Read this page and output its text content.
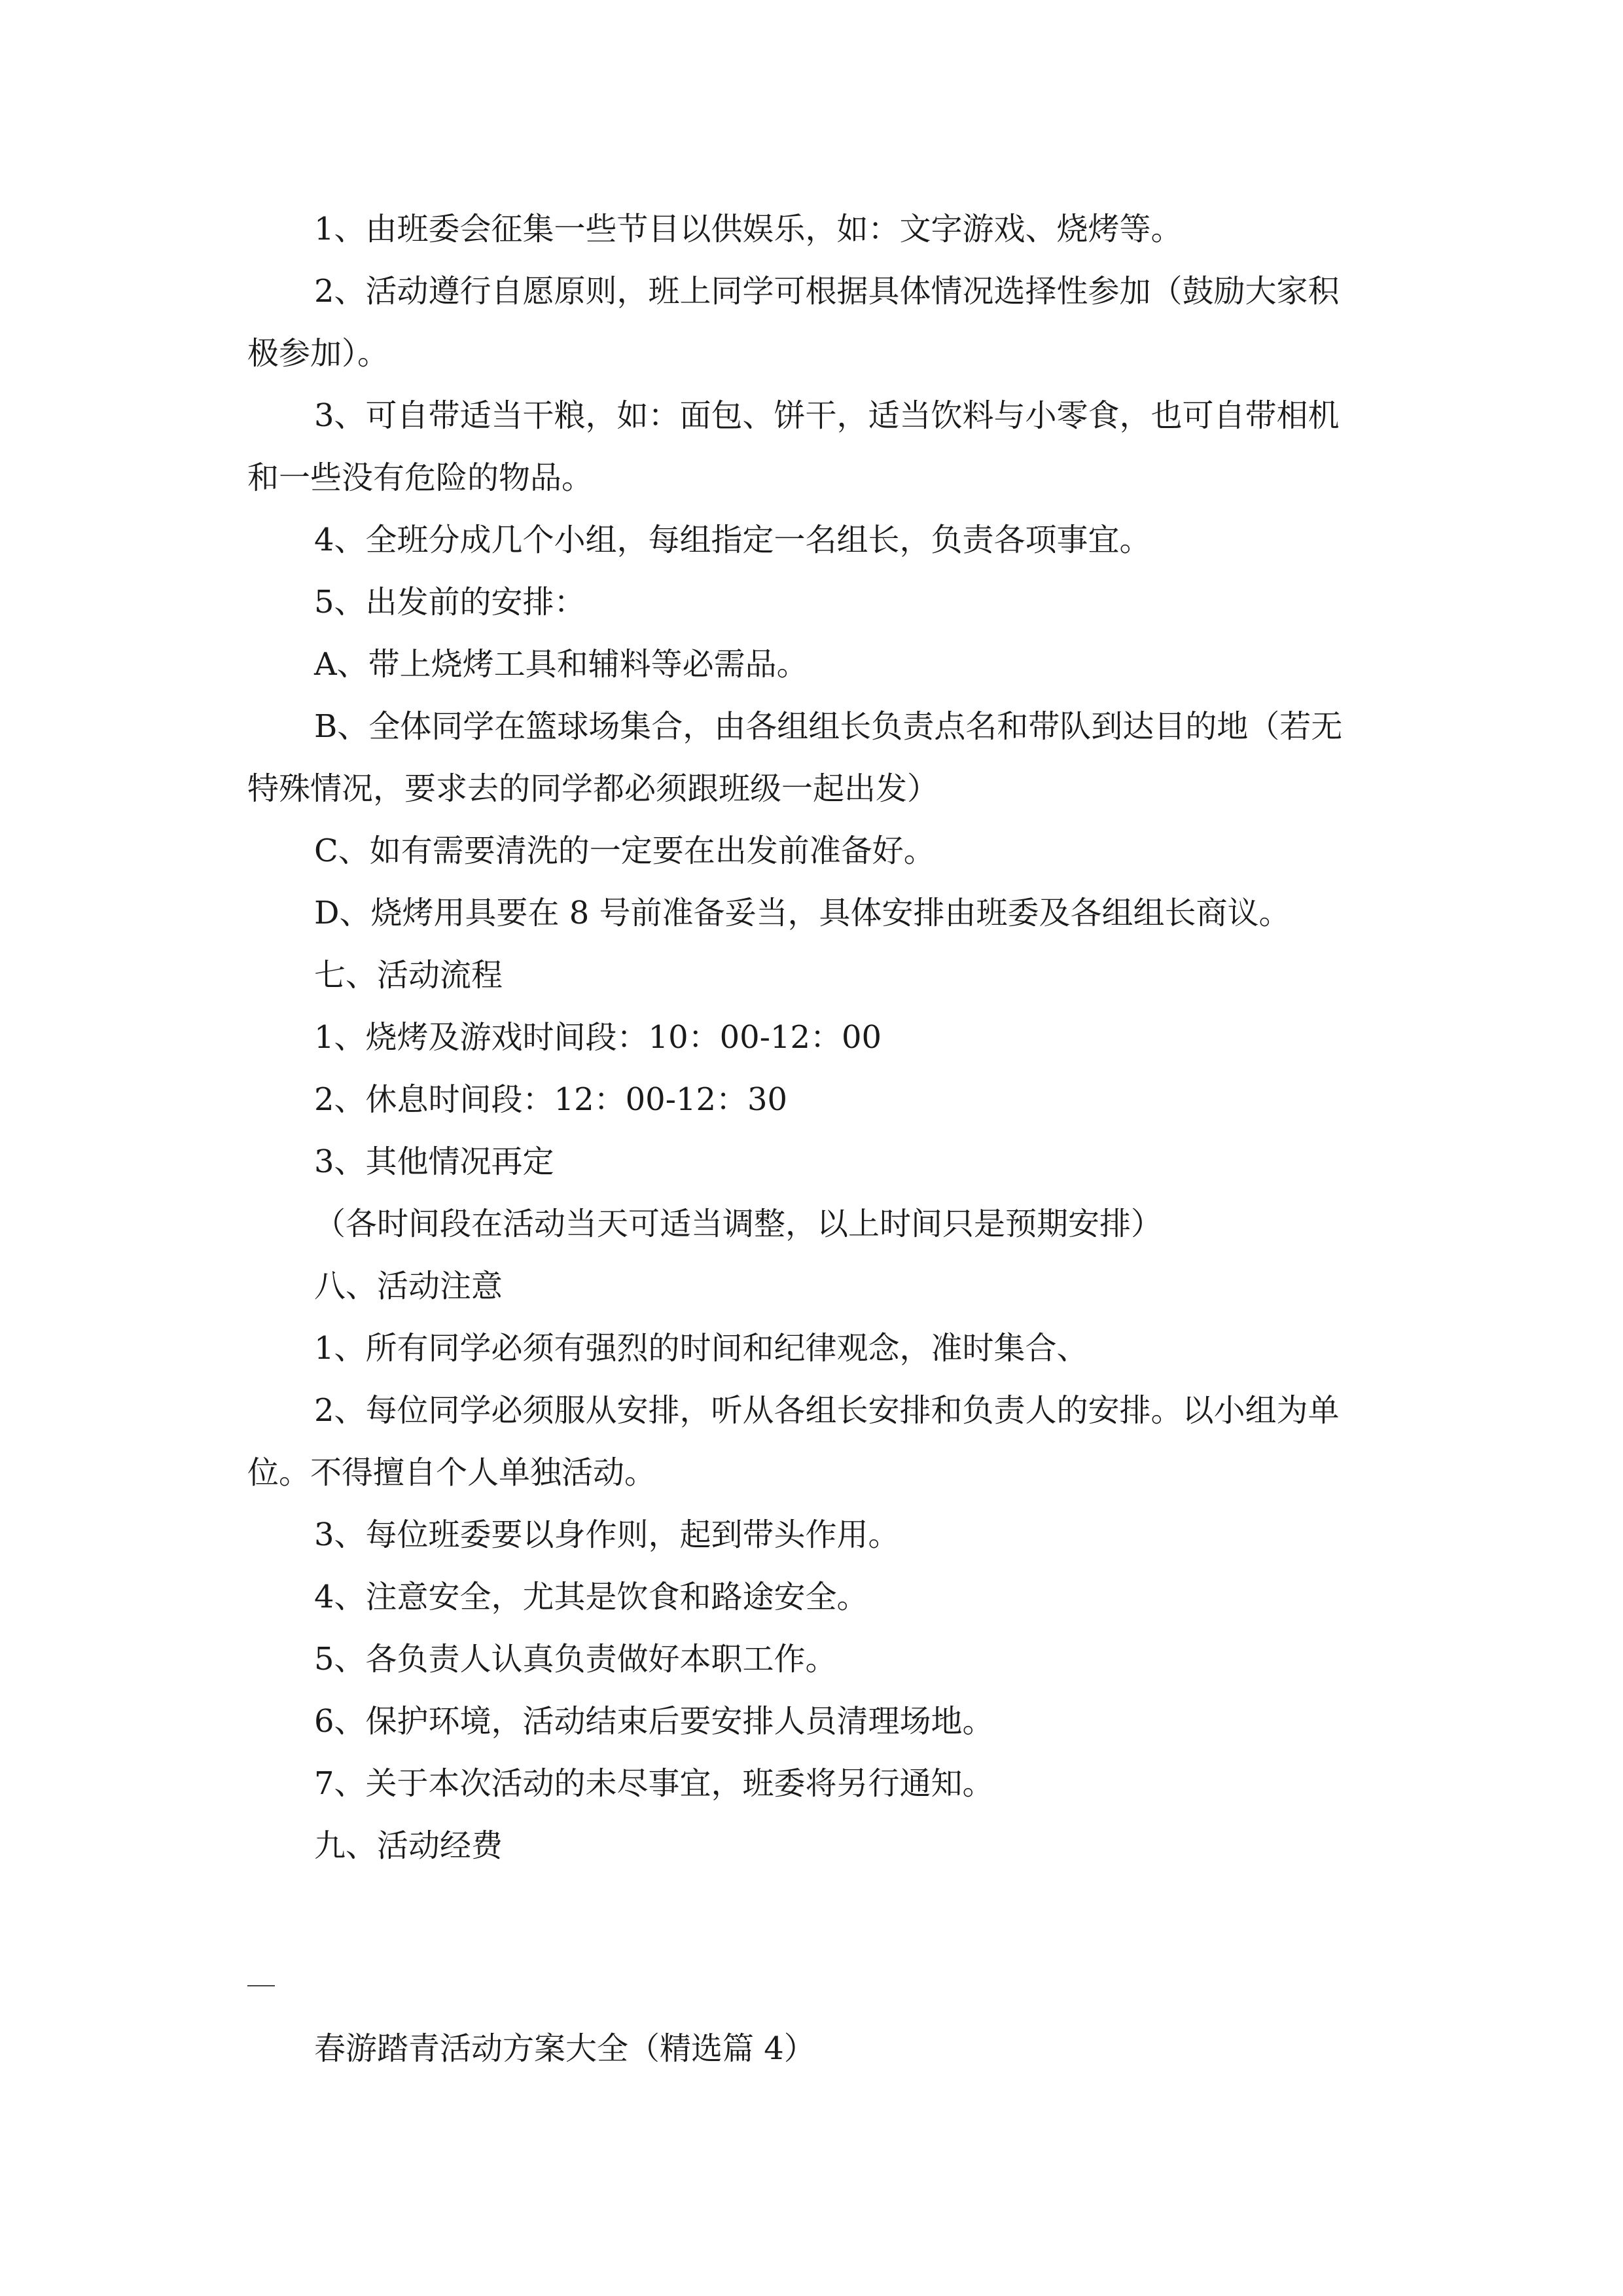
1、由班委会征集一些节目以供娱乐，如：文字游戏、烧烤等。

2、活动遵行自愿原则，班上同学可根据具体情况选择性参加（鼓励大家积

极参加）。

3、可自带适当干粮，如：面包、饼干，适当饮料与小零食，也可自带相机

和一些没有危险的物品。

4、全班分成几个小组，每组指定一名组长，负责各项事宜。

5、出发前的安排：

A、带上烧烤工具和辅料等必需品。

B、全体同学在篮球场集合，由各组组长负责点名和带队到达目的地（若无

特殊情况，要求去的同学都必须跟班级一起出发）

C、如有需要清洗的一定要在出发前准备好。

D、烧烤用具要在 8 号前准备妥当，具体安排由班委及各组组长商议。

七、活动流程

1、烧烤及游戏时间段：10：00-12：00

2、休息时间段：12：00-12：30

3、其他情况再定

（各时间段在活动当天可适当调整，以上时间只是预期安排）

八、活动注意

1、所有同学必须有强烈的时间和纪律观念，准时集合、

2、每位同学必须服从安排，听从各组长安排和负责人的安排。以小组为单

位。不得擅自个人单独活动。

3、每位班委要以身作则，起到带头作用。

4、注意安全，尤其是饮食和路途安全。

5、各负责人认真负责做好本职工作。

6、保护环境，活动结束后要安排人员清理场地。

7、关于本次活动的未尽事宜，班委将另行通知。

九、活动经费

春游踏青活动方案大全（精选篇 4）
